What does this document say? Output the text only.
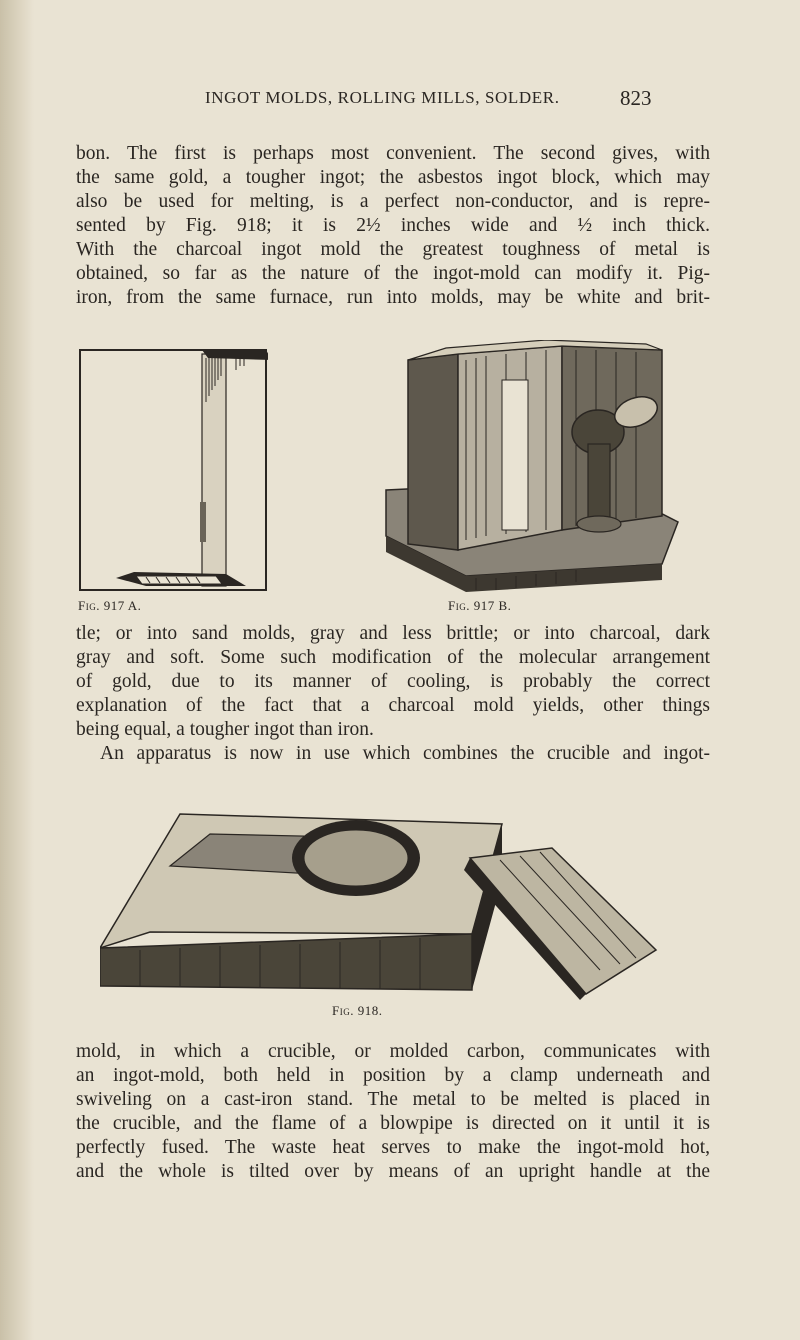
INGOT MOLDS, ROLLING MILLS, SOLDER.	823
bon. The first is perhaps most convenient. The second gives, with
the same gold, a tougher ingot; the asbestos ingot block, which may
also be used for melting, is a perfect non-conductor, and is repre-
sented by Fig. 918; it is 2½ inches wide and ½ inch thick.
With the charcoal ingot mold the greatest toughness of metal is
obtained, so far as the nature of the ingot-mold can modify it. Pig-
iron, from the same furnace, run into molds, may be white and brit-
Fig. 917 A.	Fig. 917 B.
tle; or into sand molds, gray and less brittle; or into charcoal, dark
gray and soft. Some such modification of the molecular arrangement
of gold, due to its manner of cooling, is probably the correct
explanation of the fact that a charcoal mold yields, other things
being equal, a tougher ingot than iron.
An apparatus is now in use which combines the crucible and ingot-
Fig. 918.
mold, in which a crucible, or molded carbon, communicates with
an ingot-mold, both held in position by a clamp underneath and
swiveling on a cast-iron stand. The metal to be melted is placed in
the crucible, and the flame of a blowpipe is directed on it until it is
perfectly fused. The waste heat serves to make the ingot-mold hot,
and the whole is tilted over by means of an upright handle at the
